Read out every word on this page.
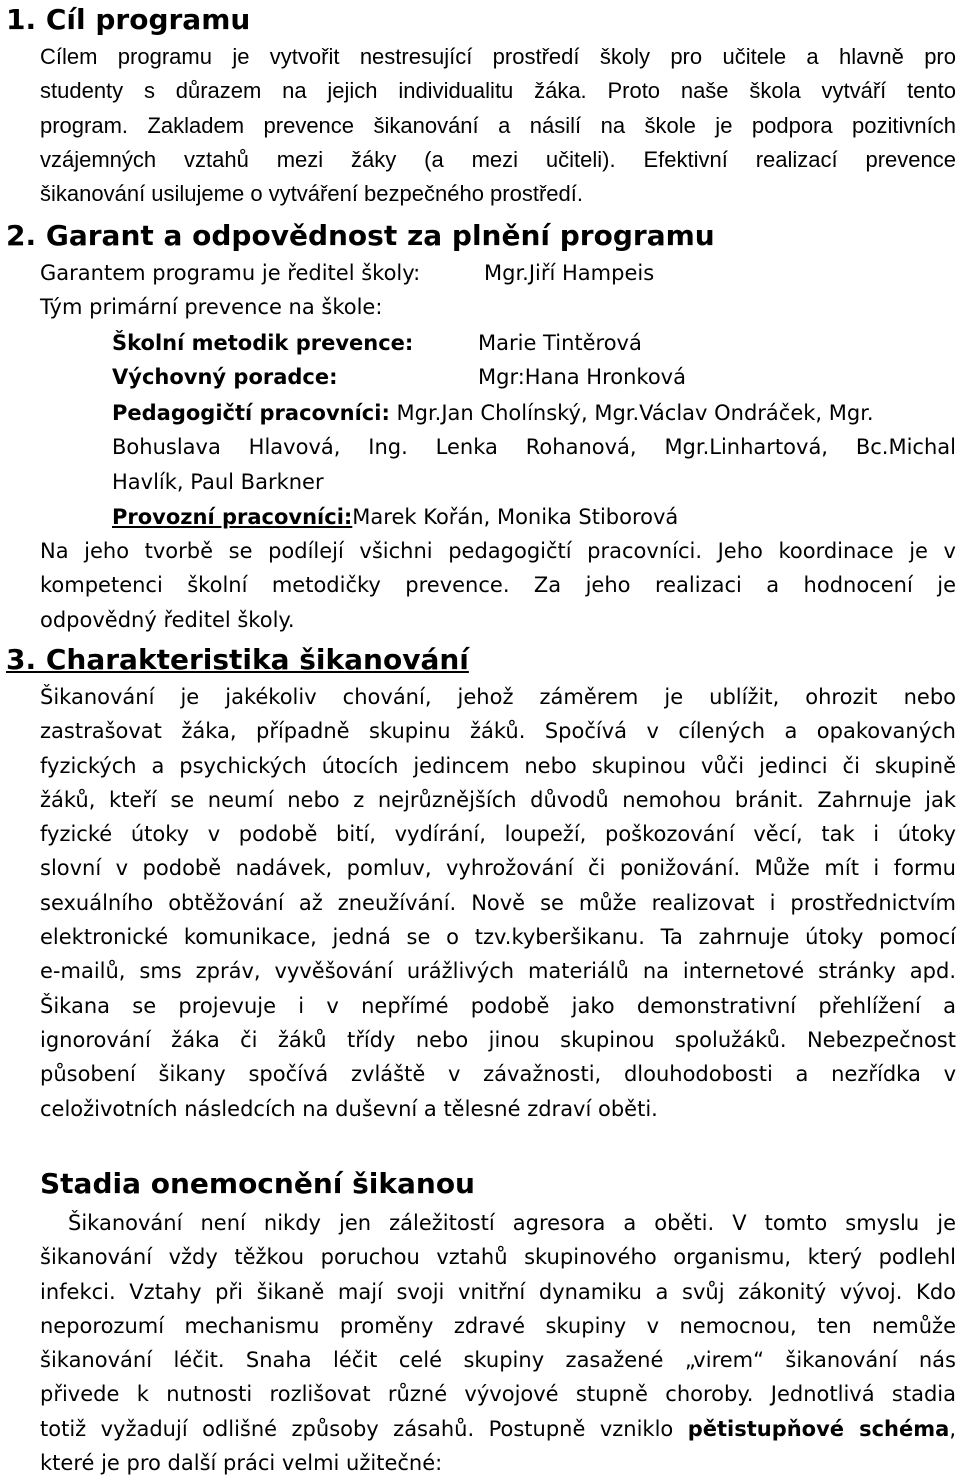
1. Cíl programu
Cílem programu je vytvořit nestresující prostředí školy pro učitele a hlavně pro
studenty s důrazem na jejich individualitu žáka. Proto naše škola vytváří tento
program. Zakladem prevence šikanování a násilí na škole je podpora pozitivních
vzájemných vztahů mezi žáky (a mezi učiteli). Efektivní realizací prevence
šikanování usilujeme o vytváření bezpečného prostředí.
2. Garant a odpovědnost za plnění programu
Garantem programu je ředitel školy:	Mgr.Jiří Hampeis
Tým primární prevence na škole:
Školní metodik prevence:	Marie Tintěrová
Výchovný poradce:	Mgr:Hana Hronková
Pedagogičtí pracovníci: Mgr.Jan Cholínský, Mgr.Václav Ondráček, Mgr.
Bohuslava Hlavová, Ing. Lenka Rohanová, Mgr.Linhartová, Bc.Michal
Havlík, Paul Barkner
Provozní pracovníci:Marek Kořán, Monika Stiborová
Na jeho tvorbě se podílejí všichni pedagogičtí pracovníci. Jeho koordinace je v
kompetenci školní metodičky prevence. Za jeho realizaci a hodnocení je
odpovědný ředitel školy.
3. Charakteristika šikanování
Šikanování je jakékoliv chování, jehož záměrem je ublížit, ohrozit nebo
zastrašovat žáka, případně skupinu žáků. Spočívá v cílených a opakovaných
fyzických a psychických útocích jedincem nebo skupinou vůči jedinci či skupině
žáků, kteří se neumí nebo z nejrůznějších důvodů nemohou bránit. Zahrnuje jak
fyzické útoky v podobě bití, vydírání, loupeží, poškozování věcí, tak i útoky
slovní v podobě nadávek, pomluv, vyhrožování či ponižování. Může mít i formu
sexuálního obtěžování až zneužívání. Nově se může realizovat i prostřednictvím
elektronické komunikace, jedná se o tzv.kyberšikanu. Ta zahrnuje útoky pomocí
e-mailů, sms zpráv, vyvěšování urážlivých materiálů na internetové stránky apd.
Šikana se projevuje i v nepřímé podobě jako demonstrativní přehlížení a
ignorování žáka či žáků třídy nebo jinou skupinou spolužáků. Nebezpečnost
působení šikany spočívá zvláště v závažnosti, dlouhodobosti a nezřídka v
celoživotních následcích na duševní a tělesné zdraví oběti.
Stadia onemocnění šikanou
Šikanování není nikdy jen záležitostí agresora a oběti. V tomto smyslu je
šikanování vždy těžkou poruchou vztahů skupinového organismu, který podlehl
infekci. Vztahy při šikaně mají svoji vnitřní dynamiku a svůj zákonitý vývoj. Kdo
neporozumí mechanismu proměny zdravé skupiny v nemocnou, ten nemůže
šikanování léčit. Snaha léčit celé skupiny zasažené „virem“ šikanování nás
přivede k nutnosti rozlišovat různé vývojové stupně choroby. Jednotlivá stadia
totiž vyžadují odlišné způsoby zásahů. Postupně vzniklo pětistupňové schéma,
které je pro další práci velmi užitečné:
